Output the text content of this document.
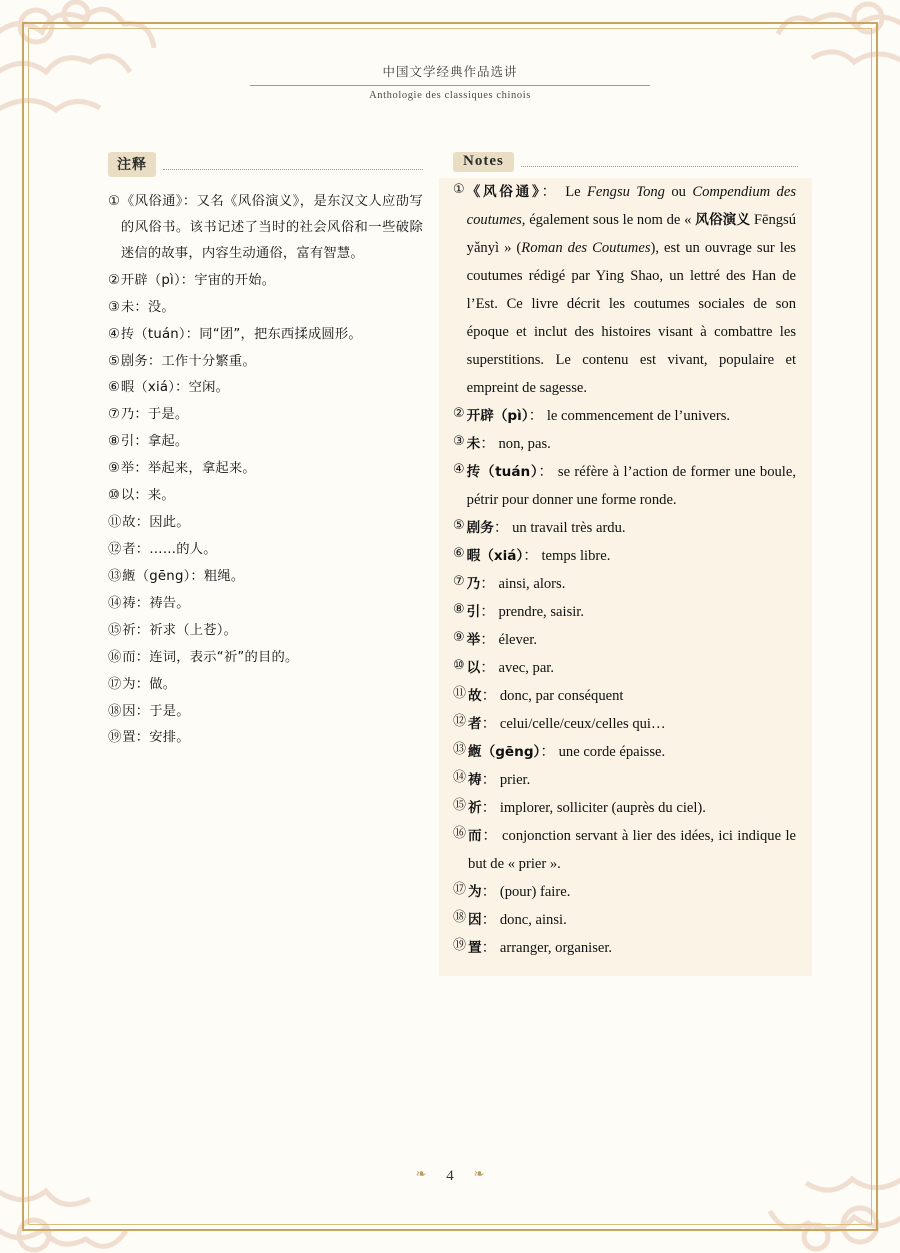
中国文学经典作品选讲
Anthologie des classiques chinois
注释
① 《风俗通》：又名《风俗演义》，是东汉文人应劭写的风俗书。该书记述了当时的社会风俗和一些破除迷信的故事，内容生动通俗，富有智慧。
② 开辟（pì）：宇宙的开始。
③ 未：没。
④ 抟（tuán）：同“团”，把东西揉成圆形。
⑤ 剧务：工作十分繁重。
⑥ 暇（xiá）：空闲。
⑦ 乃：于是。
⑧ 引：拿起。
⑨ 举：举起来，拿起来。
⑩ 以：来。
⑪ 故：因此。
⑫ 者：……的人。
⑬ 緪（gēng）：粗绳。
⑭ 祷：祷告。
⑮ 祈：祈求（上苍）。
⑯ 而：连词，表示“祈”的目的。
⑰ 为：做。
⑱ 因：于是。
⑲ 置：安排。
Notes
① 《风俗通》： Le Fengsu Tong ou Compendium des coutumes, également sous le nom de « 风俗演义 Fēngsú yǎnyì » (Roman des Coutumes), est un ouvrage sur les coutumes rédigé par Ying Shao, un lettré des Han de l’Est. Ce livre décrit les coutumes sociales de son époque et inclut des histoires visant à combattre les superstitions. Le contenu est vivant, populaire et empreint de sagesse.
② 开辟（pì）： le commencement de l’univers.
③ 未： non, pas.
④ 抟（tuán）： se réfère à l’action de former une boule, pétrir pour donner une forme ronde.
⑤ 剧务： un travail très ardu.
⑥ 暇（xiá）： temps libre.
⑦ 乃： ainsi, alors.
⑧ 引： prendre, saisir.
⑨ 举： élever.
⑩ 以： avec, par.
⑪ 故： donc, par conséquent
⑫ 者： celui/celle/ceux/celles qui…
⑬ 緪（gēng）： une corde épaisse.
⑭ 祷： prier.
⑮ 祈： implorer, solliciter (auprès du ciel).
⑯ 而： conjonction servant à lier des idées, ici indique le but de « prier ».
⑰ 为： (pour) faire.
⑱ 因： donc, ainsi.
⑲ 置： arranger, organiser.
❧ 4 ❧
